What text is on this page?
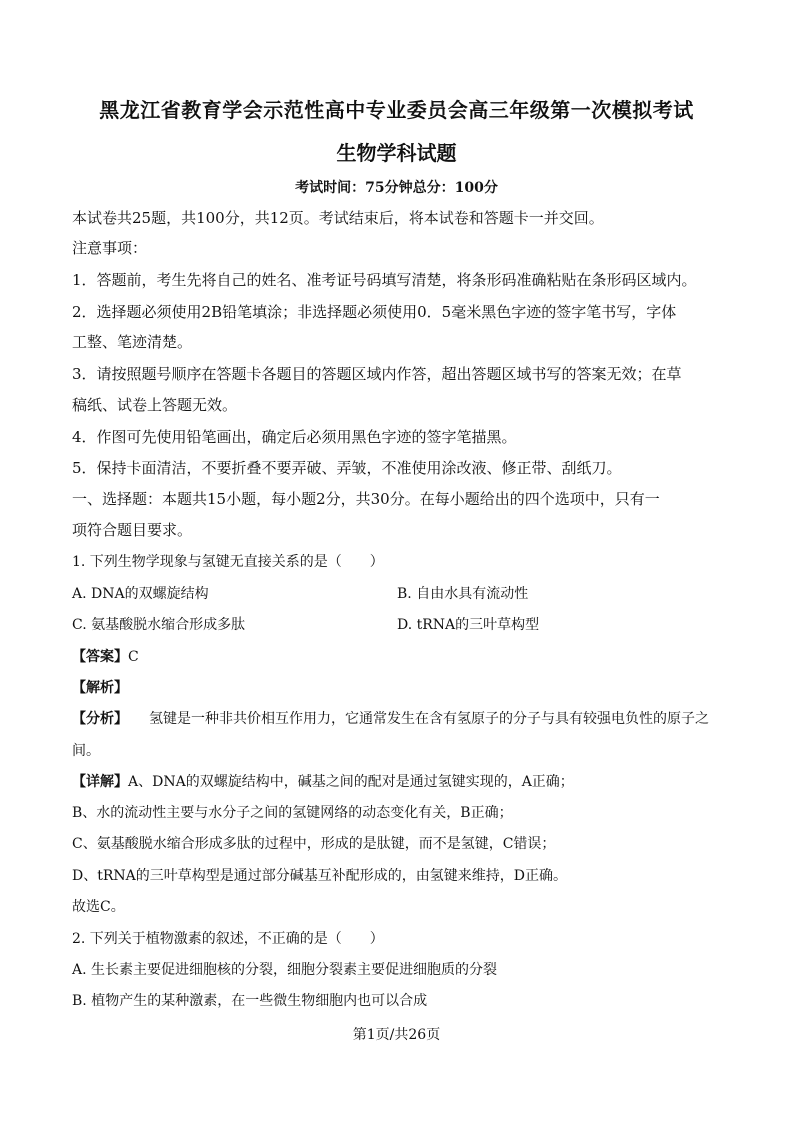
黑龙江省教育学会示范性高中专业委员会高三年级第一次模拟考试
生物学科试题
考试时间：75分钟总分：100分
本试卷共25题，共100分，共12页。考试结束后，将本试卷和答题卡一并交回。
注意事项：
1．答题前，考生先将自己的姓名、准考证号码填写清楚，将条形码准确粘贴在条形码区域内。
2．选择题必须使用2B铅笔填涂；非选择题必须使用0．5毫米黑色字迹的签字笔书写，字体
工整、笔迹清楚。
3．请按照题号顺序在答题卡各题目的答题区域内作答，超出答题区域书写的答案无效；在草
稿纸、试卷上答题无效。
4．作图可先使用铅笔画出，确定后必须用黑色字迹的签字笔描黑。
5．保持卡面清洁，不要折叠不要弄破、弄皱，不准使用涂改液、修正带、刮纸刀。
一、选择题：本题共15小题，每小题2分，共30分。在每小题给出的四个选项中，只有一
项符合题目要求。
1. 下列生物学现象与氢键无直接关系的是（　　）
A. DNA的双螺旋结构	B. 自由水具有流动性
C. 氨基酸脱水缩合形成多肽	D. tRNA的三叶草构型
【答案】C
【解析】
【分析】　　氢键是一种非共价相互作用力，它通常发生在含有氢原子的分子与具有较强电负性的原子之
间。
【详解】A、DNA的双螺旋结构中，碱基之间的配对是通过氢键实现的，A正确；
B、水的流动性主要与水分子之间的氢键网络的动态变化有关，B正确；
C、氨基酸脱水缩合形成多肽的过程中，形成的是肽键，而不是氢键，C错误；
D、tRNA的三叶草构型是通过部分碱基互补配形成的，由氢键来维持，D正确。
故选C。
2. 下列关于植物激素的叙述，不正确的是（　　）
A. 生长素主要促进细胞核的分裂，细胞分裂素主要促进细胞质的分裂
B. 植物产生的某种激素，在一些微生物细胞内也可以合成
第1页/共26页
